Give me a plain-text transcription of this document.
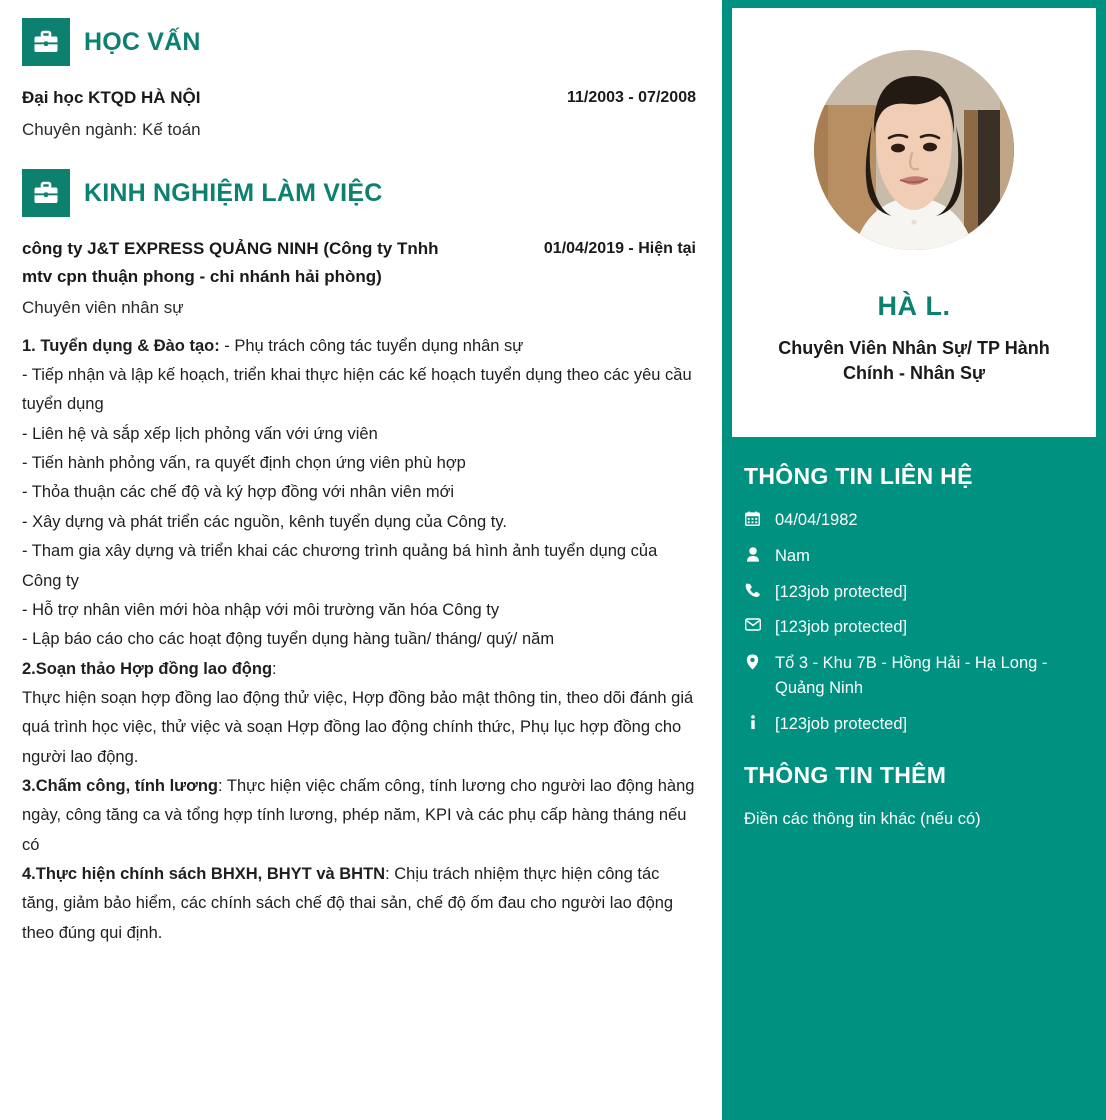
HỌC VẤN
Đại học KTQD HÀ NỘI	11/2003 - 07/2008
Chuyên ngành: Kế toán
KINH NGHIỆM LÀM VIỆC
công ty J&T EXPRESS QUẢNG NINH (Công ty Tnhh mtv cpn thuận phong - chi nhánh hải phòng)
01/04/2019 - Hiện tại
Chuyên viên nhân sự
1. Tuyển dụng & Đào tạo: - Phụ trách công tác tuyển dụng nhân sự
- Tiếp nhận và lập kế hoạch, triển khai thực hiện các kế hoạch tuyển dụng theo các yêu cầu tuyển dụng
- Liên hệ và sắp xếp lịch phỏng vấn với ứng viên
- Tiến hành phỏng vấn, ra quyết định chọn ứng viên phù hợp
- Thỏa thuận các chế độ và ký hợp đồng với nhân viên mới
- Xây dựng và phát triển các nguồn, kênh tuyển dụng của Công ty.
- Tham gia xây dựng và triển khai các chương trình quảng bá hình ảnh tuyển dụng của Công ty
- Hỗ trợ nhân viên mới hòa nhập với môi trường văn hóa Công ty
- Lập báo cáo cho các hoạt động tuyển dụng hàng tuần/ tháng/ quý/ năm
2.Soạn thảo Hợp đồng lao động:
Thực hiện soạn hợp đồng lao động thử việc, Hợp đồng bảo mật thông tin, theo dõi đánh giá quá trình học việc, thử việc và soạn Hợp đồng lao động chính thức, Phụ lục hợp đồng cho người lao động.
3.Chấm công, tính lương: Thực hiện việc chấm công, tính lương cho người lao động hàng ngày, công tăng ca và tổng hợp tính lương, phép năm, KPI và các phụ cấp hàng tháng nếu có
4.Thực hiện chính sách BHXH, BHYT và BHTN: Chịu trách nhiệm thực hiện công tác tăng, giảm bảo hiểm, các chính sách chế độ thai sản, chế độ ốm đau cho người lao động theo đúng qui định.
HÀ L.
Chuyên Viên Nhân Sự/ TP Hành Chính - Nhân Sự
THÔNG TIN LIÊN HỆ
04/04/1982
Nam
[123job protected]
[123job protected]
Tổ 3 - Khu 7B - Hồng Hải - Hạ Long - Quảng Ninh
[123job protected]
THÔNG TIN THÊM
Điền các thông tin khác (nếu có)
